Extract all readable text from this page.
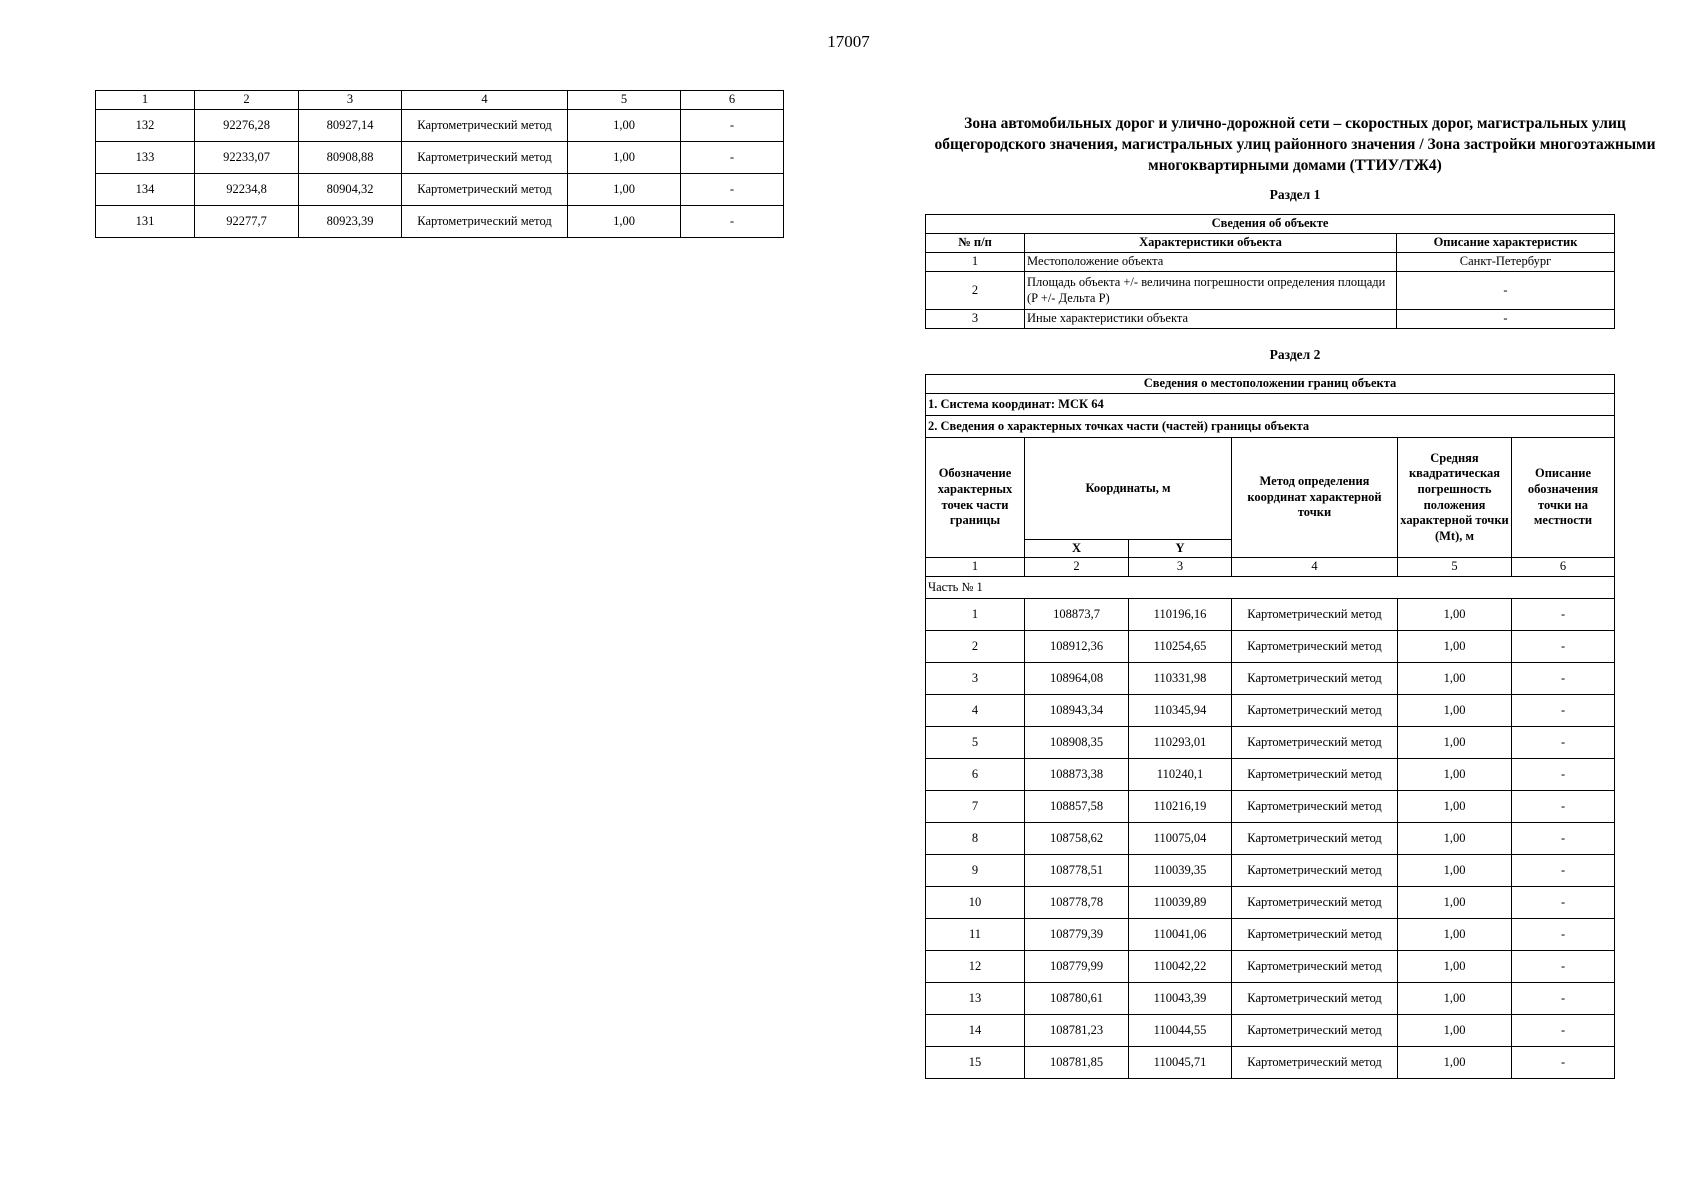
17007
1	2	3	4	5	6
132	92276,28	80927,14	Картометрический метод	1,00	-
133	92233,07	80908,88	Картометрический метод	1,00	-
134	92234,8	80904,32	Картометрический метод	1,00	-
131	92277,7	80923,39	Картометрический метод	1,00	-
Зона автомобильных дорог и улично-дорожной сети – скоростных дорог, магистральных улиц общегородского значения, магистральных улиц районного значения / Зона застройки многоэтажными многоквартирными домами (ТТИУ/ТЖ4)
Раздел 1
Сведения об объекте		
№ п/п	Характеристики объекта	Описание характеристик
1	Местоположение объекта	Санкт-Петербург
2	Площадь объекта +/- величина погрешности определения площади (P +/- Дельта P)	-
3	Иные характеристики объекта	-
Раздел 2
Сведения о местоположении границ объекта					
1. Система координат: МСК 64					
2. Сведения о характерных точках части (частей) границы объекта					
Обозначение характерных точек части границы	Координаты, м		Метод определения координат характерной точки	Средняя квадратическая погрешность положения характерной точки (Mt), м	Описание обозначения точки на местности
	X	Y			
1	2	3	4	5	6
Часть № 1					
1	108873,7	110196,16	Картометрический метод	1,00	-
2	108912,36	110254,65	Картометрический метод	1,00	-
3	108964,08	110331,98	Картометрический метод	1,00	-
4	108943,34	110345,94	Картометрический метод	1,00	-
5	108908,35	110293,01	Картометрический метод	1,00	-
6	108873,38	110240,1	Картометрический метод	1,00	-
7	108857,58	110216,19	Картометрический метод	1,00	-
8	108758,62	110075,04	Картометрический метод	1,00	-
9	108778,51	110039,35	Картометрический метод	1,00	-
10	108778,78	110039,89	Картометрический метод	1,00	-
11	108779,39	110041,06	Картометрический метод	1,00	-
12	108779,99	110042,22	Картометрический метод	1,00	-
13	108780,61	110043,39	Картометрический метод	1,00	-
14	108781,23	110044,55	Картометрический метод	1,00	-
15	108781,85	110045,71	Картометрический метод	1,00	-
